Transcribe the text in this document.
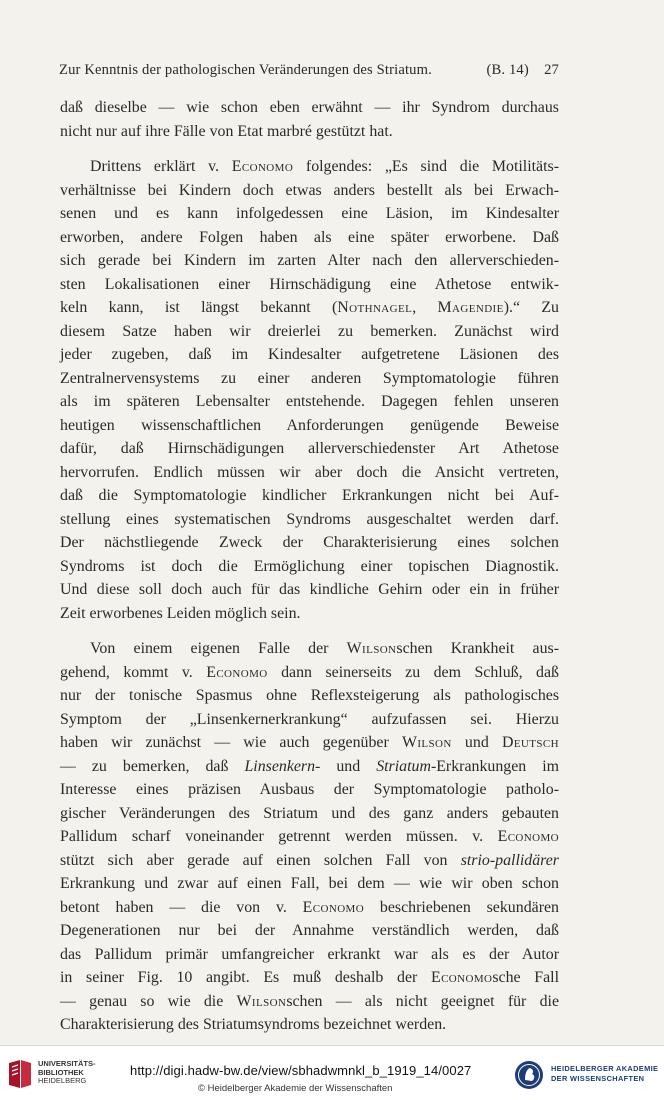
Zur Kenntnis der pathologischen Veränderungen des Striatum.	(B. 14) 27

daß dieselbe — wie schon eben erwähnt — ihr Syndrom durchaus
nicht nur auf ihre Fälle von Etat marbré gestützt hat.

Drittens erklärt v. Economo folgendes: „Es sind die Motilitäts-
verhältnisse bei Kindern doch etwas anders bestellt als bei Erwach-
senen und es kann infolgedessen eine Läsion, im Kindesalter
erworben, andere Folgen haben als eine später erworbene. Daß
sich gerade bei Kindern im zarten Alter nach den allerverschieden-
sten Lokalisationen einer Hirnschädigung eine Athetose entwik-
keln kann, ist längst bekannt (Nothnagel, Magendie).“ Zu
diesem Satze haben wir dreierlei zu bemerken. Zunächst wird
jeder zugeben, daß im Kindesalter aufgetretene Läsionen des
Zentralnervensystems zu einer anderen Symptomatologie führen
als im späteren Lebensalter entstehende. Dagegen fehlen unseren
heutigen wissenschaftlichen Anforderungen genügende Beweise
dafür, daß Hirnschädigungen allerverschiedenster Art Athetose
hervorrufen. Endlich müssen wir aber doch die Ansicht vertreten,
daß die Symptomatologie kindlicher Erkrankungen nicht bei Auf-
stellung eines systematischen Syndroms ausgeschaltet werden darf.
Der nächstliegende Zweck der Charakterisierung eines solchen
Syndroms ist doch die Ermöglichung einer topischen Diagnostik.
Und diese soll doch auch für das kindliche Gehirn oder ein in früher
Zeit erworbenes Leiden möglich sein.

Von einem eigenen Falle der Wilsonschen Krankheit aus-
gehend, kommt v. Economo dann seinerseits zu dem Schluß, daß
nur der tonische Spasmus ohne Reflexsteigerung als pathologisches
Symptom der „Linsenkernerkrankung“ aufzufassen sei. Hierzu
haben wir zunächst — wie auch gegenüber Wilson und Deutsch
— zu bemerken, daß Linsenkern- und Striatum-Erkrankungen im
Interesse eines präzisen Ausbaus der Symptomatologie patholo-
gischer Veränderungen des Striatum und des ganz anders gebauten
Pallidum scharf voneinander getrennt werden müssen. v. Economo
stützt sich aber gerade auf einen solchen Fall von strio-pallidärer
Erkrankung und zwar auf einen Fall, bei dem — wie wir oben schon
betont haben — die von v. Economo beschriebenen sekundären
Degenerationen nur bei der Annahme verständlich werden, daß
das Pallidum primär umfangreicher erkrankt war als es der Autor
in seiner Fig. 10 angibt. Es muß deshalb der Economosche Fall
— genau so wie die Wilsonschen — als nicht geeignet für die
Charakterisierung des Striatumsyndroms bezeichnet werden.

UNIVERSITÄTS-
BIBLIOTHEK
HEIDELBERG
http://digi.hadw-bw.de/view/sbhadwmnkl_b_1919_14/0027
© Heidelberger Akademie der Wissenschaften
HEIDELBERGER AKADEMIE
DER WISSENSCHAFTEN
